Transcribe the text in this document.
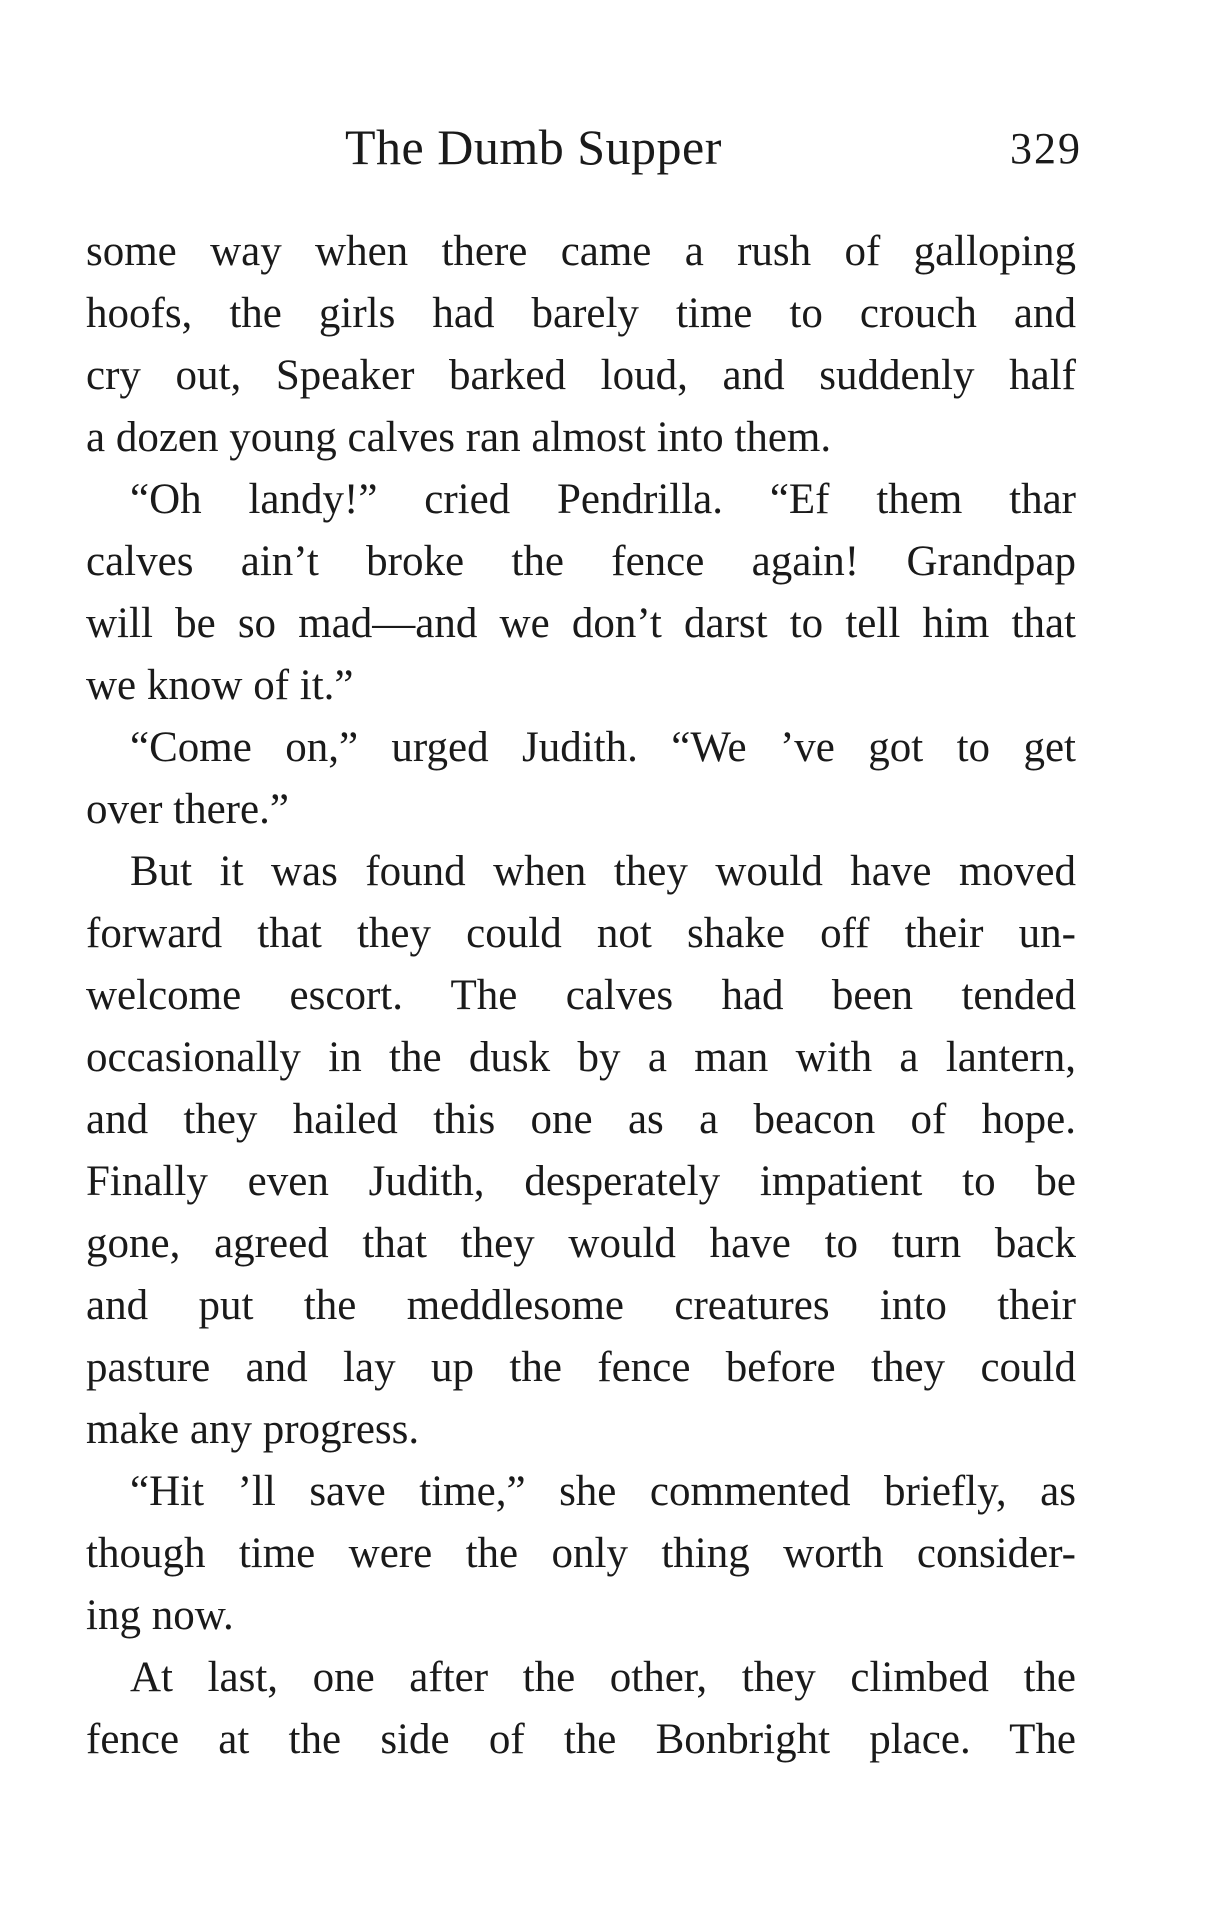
The Dumb Supper	329
some way when there came a rush of galloping
hoofs, the girls had barely time to crouch and
cry out, Speaker barked loud, and suddenly half
a dozen young calves ran almost into them.
“Oh landy!” cried Pendrilla. “Ef them thar
calves ain’t broke the fence again! Grandpap
will be so mad—and we don’t darst to tell him that
we know of it.”
“Come on,” urged Judith. “We ’ve got to get
over there.”
But it was found when they would have moved
forward that they could not shake off their un-
welcome escort. The calves had been tended
occasionally in the dusk by a man with a lantern,
and they hailed this one as a beacon of hope.
Finally even Judith, desperately impatient to be
gone, agreed that they would have to turn back
and put the meddlesome creatures into their
pasture and lay up the fence before they could
make any progress.
“Hit ’ll save time,” she commented briefly, as
though time were the only thing worth consider-
ing now.
At last, one after the other, they climbed the
fence at the side of the Bonbright place. The
